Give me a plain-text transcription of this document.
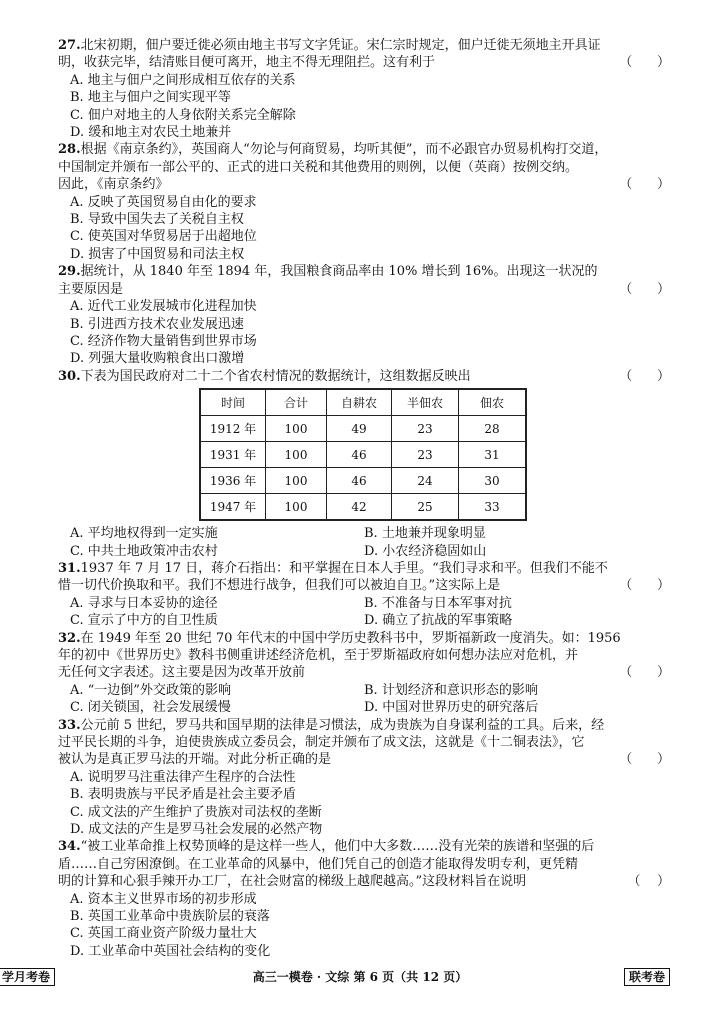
27.北宋初期，佃户要迁徙必须由地主书写文字凭证。宋仁宗时规定，佃户迁徙无须地主开具证
明，收获完毕，结清账目便可离开，地主不得无理阻拦。这有利于	（      ）
A. 地主与佃户之间形成相互依存的关系
B. 地主与佃户之间实现平等
C. 佃户对地主的人身依附关系完全解除
D. 缓和地主对农民土地兼并
28.根据《南京条约》，英国商人“勿论与何商贸易，均听其便”，而不必跟官办贸易机构打交道，
中国制定并颁布一部公平的、正式的进口关税和其他费用的则例，以便（英商）按例交纳。
因此，《南京条约》	（      ）
A. 反映了英国贸易自由化的要求
B. 导致中国失去了关税自主权
C. 使英国对华贸易居于出超地位
D. 损害了中国贸易和司法主权
29.据统计，从 1840 年至 1894 年，我国粮食商品率由 10% 增长到 16%。出现这一状况的
主要原因是	（      ）
A. 近代工业发展城市化进程加快
B. 引进西方技术农业发展迅速
C. 经济作物大量销售到世界市场
D. 列强大量收购粮食出口激增
30.下表为国民政府对二十二个省农村情况的数据统计，这组数据反映出	（      ）
时间	合计	自耕农	半佃农	佃农
1912 年	100	49	23	28
1931 年	100	46	23	31
1936 年	100	46	24	30
1947 年	100	42	25	33
A. 平均地权得到一定实施	B. 土地兼并现象明显
C. 中共土地政策冲击农村	D. 小农经济稳固如山
31.1937 年 7 月 17 日，蒋介石指出：和平掌握在日本人手里。“我们寻求和平。但我们不能不
惜一切代价换取和平。我们不想进行战争，但我们可以被迫自卫。”这实际上是	（      ）
A. 寻求与日本妥协的途径	B. 不准备与日本军事对抗
C. 宣示了中方的自卫性质	D. 确立了抗战的军事策略
32.在 1949 年至 20 世纪 70 年代末的中国中学历史教科书中，罗斯福新政一度消失。如：1956
年的初中《世界历史》教科书侧重讲述经济危机，至于罗斯福政府如何想办法应对危机，并
无任何文字表述。这主要是因为改革开放前	（      ）
A. “一边倒”外交政策的影响	B. 计划经济和意识形态的影响
C. 闭关锁国，社会发展缓慢	D. 中国对世界历史的研究落后
33.公元前 5 世纪，罗马共和国早期的法律是习惯法，成为贵族为自身谋利益的工具。后来，经
过平民长期的斗争，迫使贵族成立委员会，制定并颁布了成文法，这就是《十二铜表法》，它
被认为是真正罗马法的开端。对此分析正确的是	（      ）
A. 说明罗马注重法律产生程序的合法性
B. 表明贵族与平民矛盾是社会主要矛盾
C. 成文法的产生维护了贵族对司法权的垄断
D. 成文法的产生是罗马社会发展的必然产物
34.“被工业革命推上权势顶峰的是这样一些人，他们中大多数……没有光荣的族谱和坚强的后
盾……自己穷困潦倒。在工业革命的风暴中，他们凭自己的创造才能取得发明专利，更凭精
明的计算和心狠手辣开办工厂，在社会财富的梯级上越爬越高。”这段材料旨在说明	（    ）
A. 资本主义世界市场的初步形成
B. 英国工业革命中贵族阶层的衰落
C. 英国工商业资产阶级力量壮大
D. 工业革命中英国社会结构的变化
学月考卷	高三一模卷 · 文综 第 6 页（共 12 页）	联考卷
